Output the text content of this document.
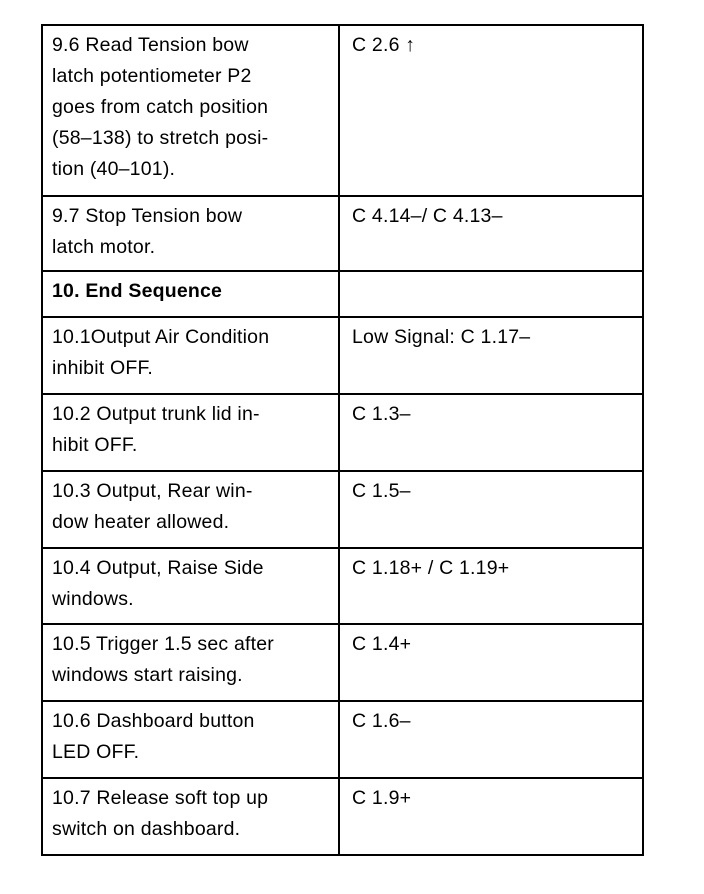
9.6 Read Tension bow
latch potentiometer P2
goes from catch position
(58–138) to stretch posi-
tion (40–101).	C 2.6 ↑
9.7 Stop Tension bow
latch motor.	C 4.14–/ C 4.13–
10. End Sequence	
10.1Output Air Condition
inhibit OFF.	Low Signal: C 1.17–
10.2 Output trunk lid in-
hibit OFF.	C 1.3–
10.3 Output, Rear win-
dow heater allowed.	C 1.5–
10.4 Output, Raise Side
windows.	C 1.18+ / C 1.19+
10.5 Trigger 1.5 sec after
windows start raising.	C 1.4+
10.6 Dashboard button
LED OFF.	C 1.6–
10.7 Release soft top up
switch on dashboard.	C 1.9+
